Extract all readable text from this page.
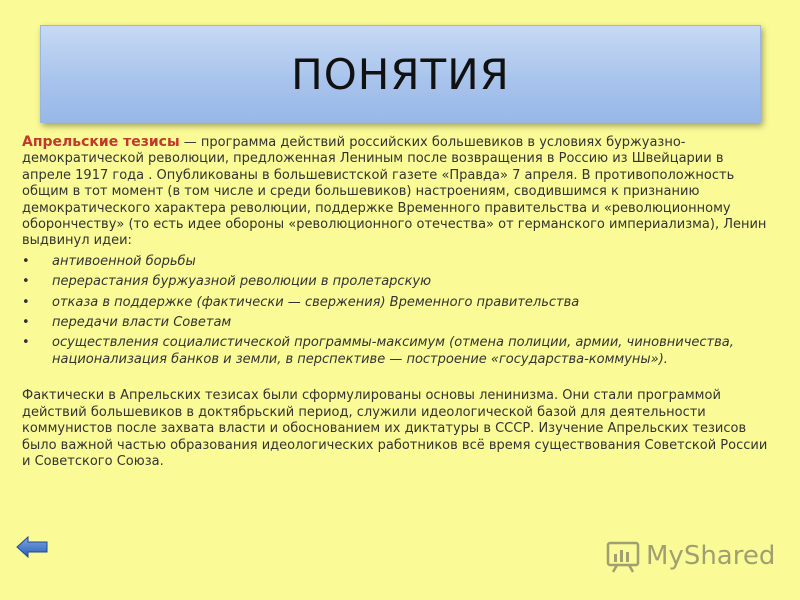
ПОНЯТИЯ

Апрельские тезисы — программа действий российских большевиков в условиях буржуазно-демократической революции, предложенная Лениным после возвращения в Россию из Швейцарии в апреле 1917 года . Опубликованы в большевистской газете «Правда» 7 апреля. В противоположность общим в тот момент (в том числе и среди большевиков) настроениям, сводившимся к признанию демократического характера революции, поддержке Временного правительства и «революционному оборончеству» (то есть идее обороны «революционного отечества» от германского империализма), Ленин выдвинул идеи:

• антивоенной борьбы
• перерастания буржуазной революции в пролетарскую
• отказа в поддержке (фактически — свержения) Временного правительства
• передачи власти Советам
• осуществления социалистической программы-максимум (отмена полиции, армии, чиновничества, национализация банков и земли, в перспективе — построение «государства-коммуны»).

Фактически в Апрельских тезисах были сформулированы основы ленинизма. Они стали программой действий большевиков в доктябрьский период, служили идеологической базой для деятельности коммунистов после захвата власти и обоснованием их диктатуры в СССР. Изучение Апрельских тезисов было важной частью образования идеологических работников всё время существования Советской России и Советского Союза.

MyShared
